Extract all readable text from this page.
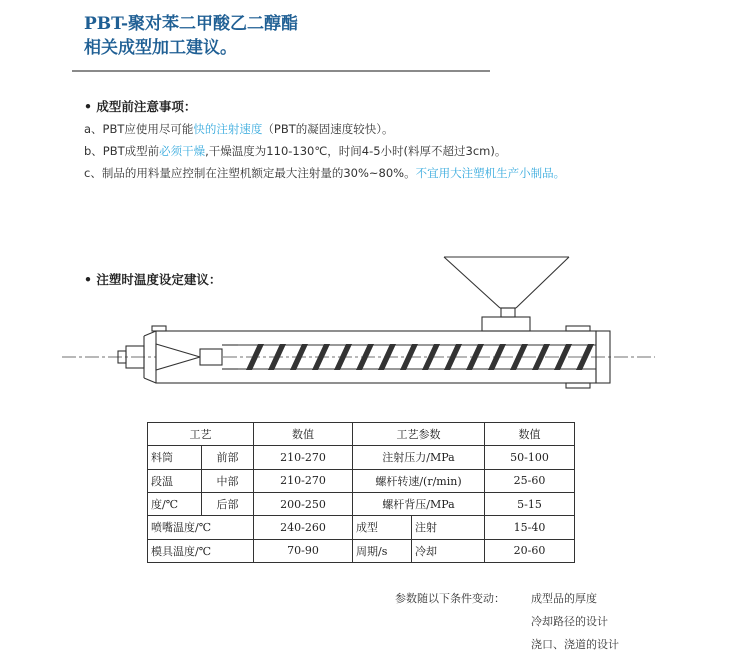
PBT-聚对苯二甲酸乙二醇酯
相关成型加工建议。
• 成型前注意事项：
a、PBT应使用尽可能快的注射速度（PBT的凝固速度较快）。
b、PBT成型前必须干燥,干燥温度为110-130℃，时间4-5小时(料厚不超过3cm)。
c、制品的用料量应控制在注塑机额定最大注射量的30%~80%。不宜用大注塑机生产小制品。
• 注塑时温度设定建议：
工艺		数值	工艺参数		数值
料筒	前部	210-270	注射压力/MPa		50-100
段温	中部	210-270	螺杆转速/(r/min)		25-60
度/℃	后部	200-250	螺杆背压/MPa		5-15
喷嘴温度/℃		240-260	成型	注射	15-40
模具温度/℃		70-90	周期/s	冷却	20-60
参数随以下条件变动： 成型品的厚度
冷却路径的设计
浇口、浇道的设计
